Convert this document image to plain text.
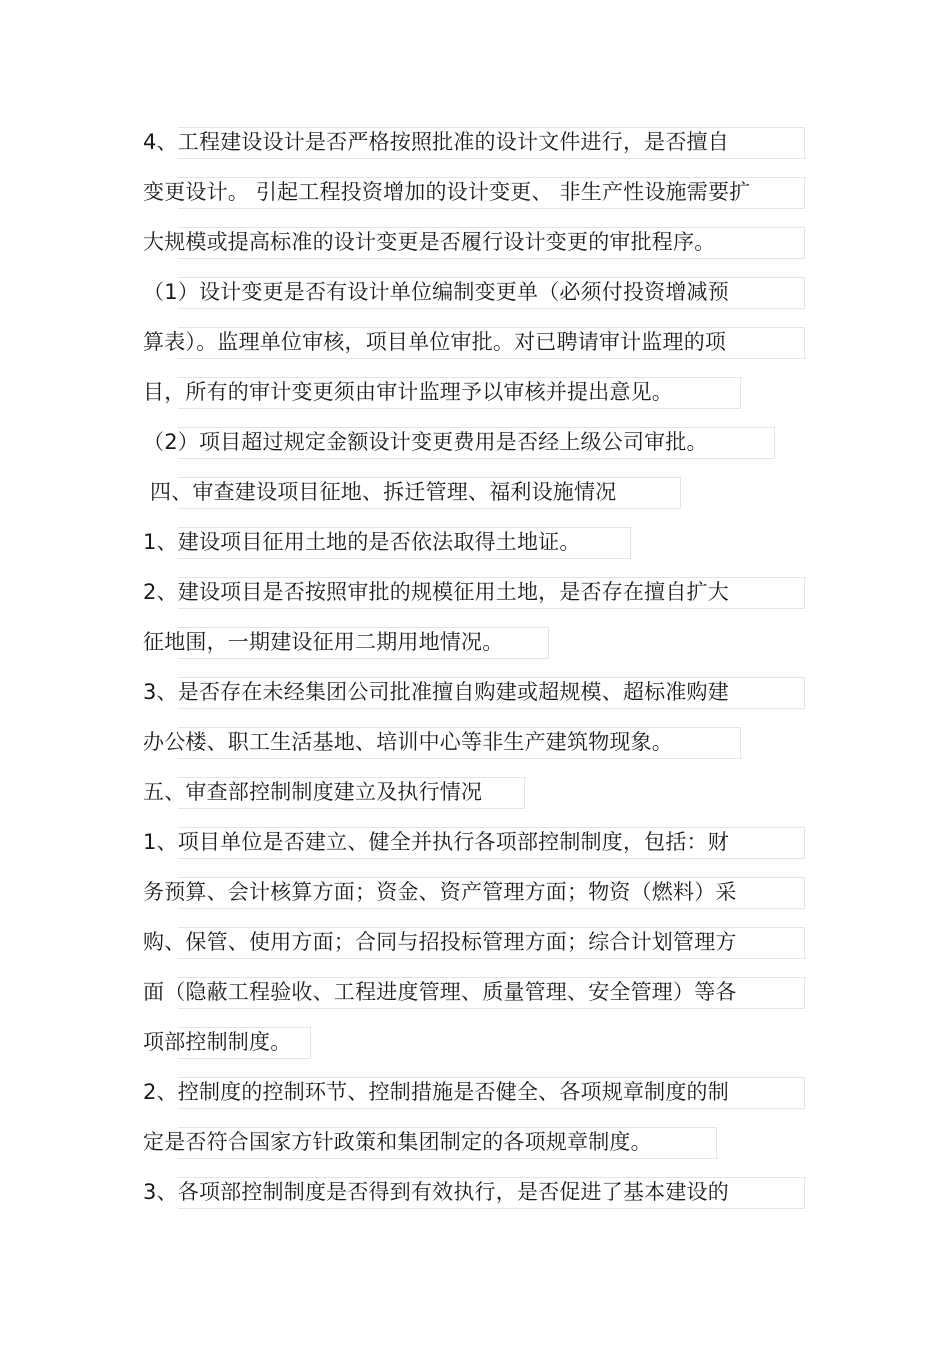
4、工程建设设计是否严格按照批准的设计文件进行，是否擅自
变更设计。 引起工程投资增加的设计变更、 非生产性设施需要扩
大规模或提高标准的设计变更是否履行设计变更的审批程序。
（1）设计变更是否有设计单位编制变更单（必须付投资增减预
算表）。监理单位审核，项目单位审批。对已聘请审计监理的项
目，所有的审计变更须由审计监理予以审核并提出意见。
（2）项目超过规定金额设计变更费用是否经上级公司审批。
四、审查建设项目征地、拆迁管理、福利设施情况
1、建设项目征用土地的是否依法取得土地证。
2、建设项目是否按照审批的规模征用土地，是否存在擅自扩大
征地围，一期建设征用二期用地情况。
3、是否存在未经集团公司批准擅自购建或超规模、超标准购建
办公楼、职工生活基地、培训中心等非生产建筑物现象。
五、审查部控制制度建立及执行情况
1、项目单位是否建立、健全并执行各项部控制制度，包括：财
务预算、会计核算方面；资金、资产管理方面；物资（燃料）采
购、保管、使用方面；合同与招投标管理方面；综合计划管理方
面（隐蔽工程验收、工程进度管理、质量管理、安全管理）等各
项部控制制度。
2、控制度的控制环节、控制措施是否健全、各项规章制度的制
定是否符合国家方针政策和集团制定的各项规章制度。
3、各项部控制制度是否得到有效执行，是否促进了基本建设的
